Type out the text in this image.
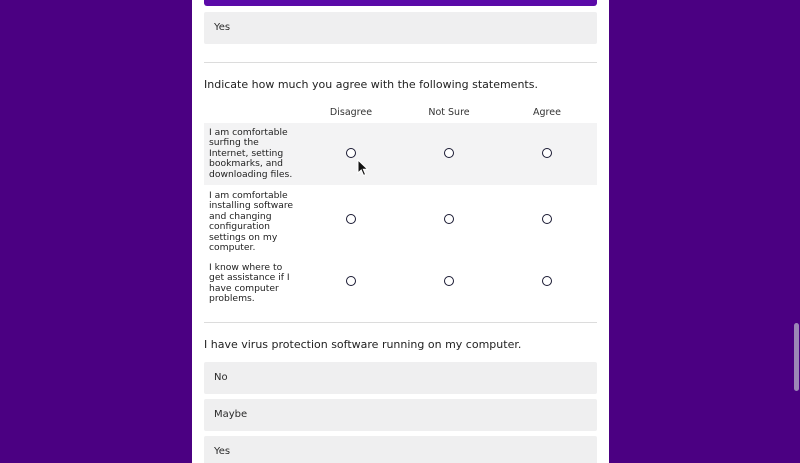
Yes
Indicate how much you agree with the following statements.
Disagree	Not Sure	Agree
I am comfortable surfing the Internet, setting bookmarks, and downloading files.
I am comfortable installing software and changing configuration settings on my computer.
I know where to get assistance if I have computer problems.
I have virus protection software running on my computer.
No
Maybe
Yes
